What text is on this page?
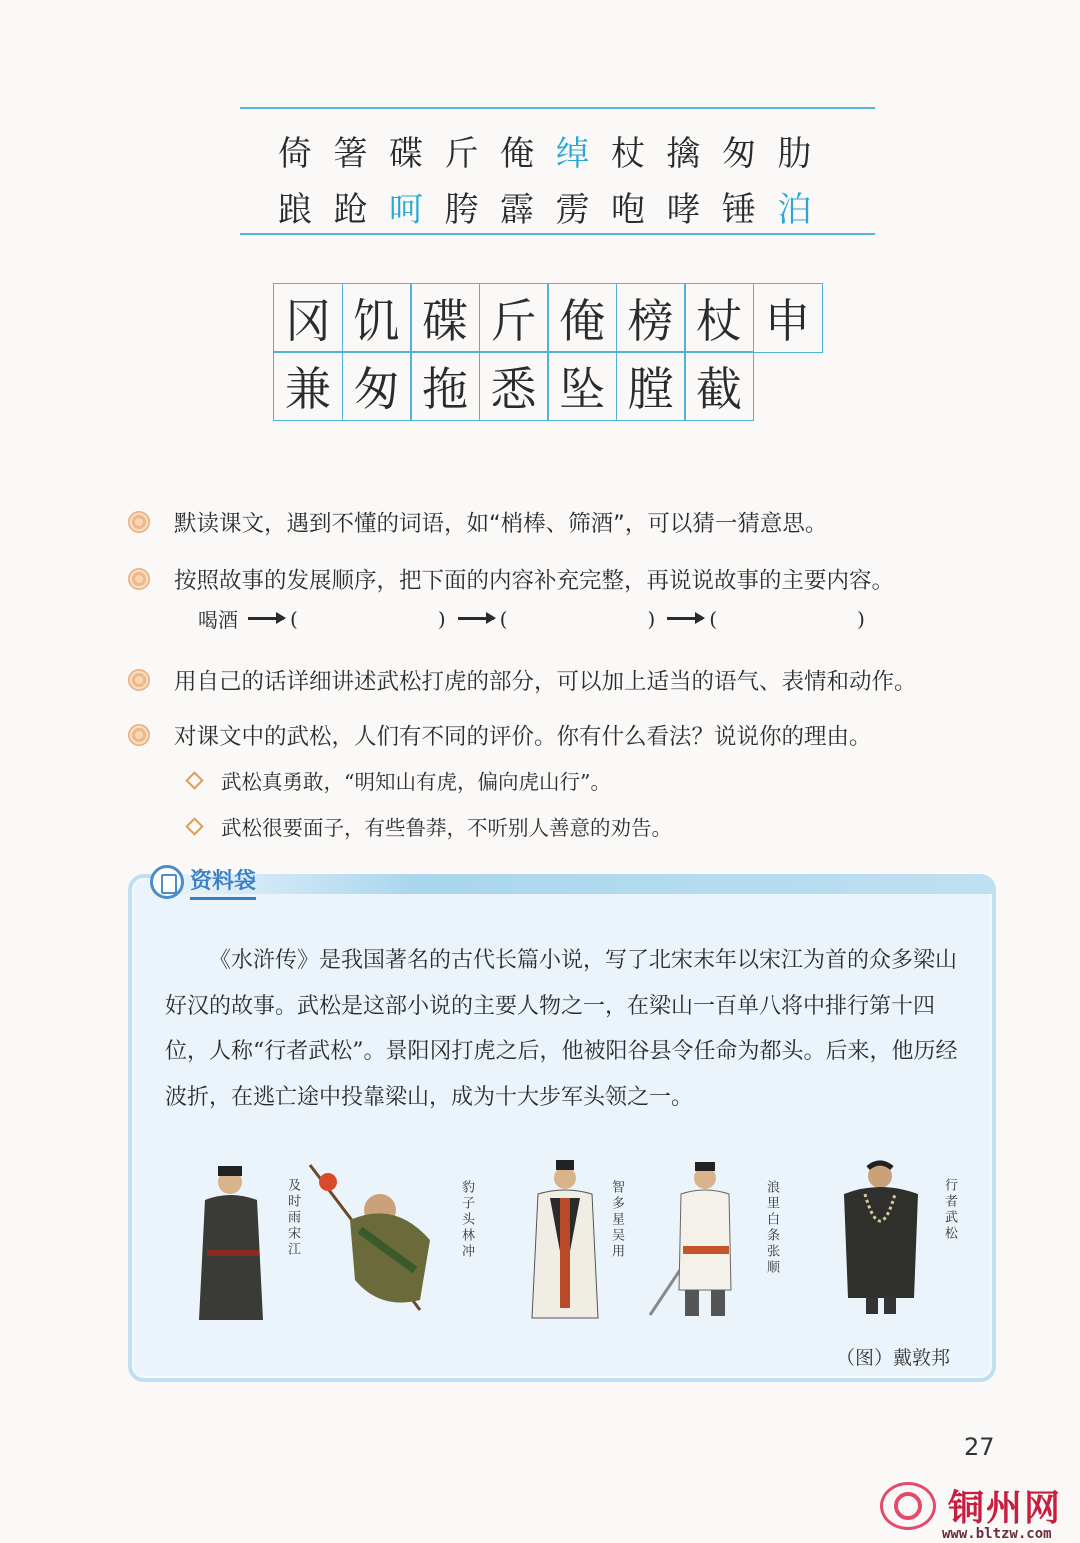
倚 箸 碟 斤 俺 绰 杖 擒 匆 肋
踉 跄 呵 胯 霹 雳 咆 哮 锤 泊
冈 饥 碟 斤 俺 榜 杖 申
兼 匆 拖 悉 坠 膛 截
默读课文，遇到不懂的词语，如“梢棒、筛酒”，可以猜一猜意思。
按照故事的发展顺序，把下面的内容补充完整，再说说故事的主要内容。
喝酒	(	)	(	)	(	)
用自己的话详细讲述武松打虎的部分，可以加上适当的语气、表情和动作。
对课文中的武松，人们有不同的评价。你有什么看法？说说你的理由。
武松真勇敢，“明知山有虎，偏向虎山行”。
武松很要面子，有些鲁莽，不听别人善意的劝告。
资料袋
《水浒传》是我国著名的古代长篇小说，写了北宋末年以宋江为首的众多梁山好汉的故事。武松是这部小说的主要人物之一，在梁山一百单八将中排行第十四位，人称“行者武松”。景阳冈打虎之后，他被阳谷县令任命为都头。后来，他历经波折，在逃亡途中投靠梁山，成为十大步军头领之一。
及时雨宋江	豹子头林冲	智多星吴用	浪里白条张顺	行者武松
（图）戴敦邦
27
铜州网
www.bltzw.com
